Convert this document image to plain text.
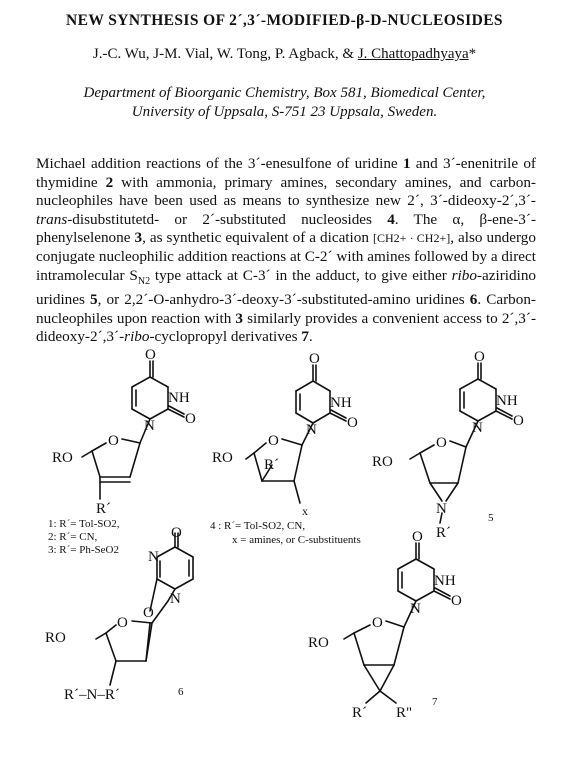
NEW SYNTHESIS OF 2´,3´-MODIFIED-β-D-NUCLEOSIDES
J.-C. Wu, J-M. Vial, W. Tong, P. Agback, & J. Chattopadhyaya*
Department of Bioorganic Chemistry, Box 581, Biomedical Center,
University of Uppsala, S-751 23 Uppsala, Sweden.
Michael addition reactions of the 3´-enesulfone of uridine 1 and 3´-enenitrile of thymidine 2 with ammonia, primary amines, secondary amines, and carbon-nucleophiles have been used as means to synthesize new 2´, 3´-dideoxy-2´,3´-trans-disubstitutetd- or 2´-substituted nucleosides 4. The α, β-ene-3´-phenylselenone 3, as synthetic equivalent of a dication [CH2+ · CH2+], also undergo conjugate nucleophilic addition reactions at C-2´ with amines followed by a direct intramolecular $S_{N2}$ type attack at C-3´ in the adduct, to give either ribo-aziridino uridines 5, or 2,2´-O-anhydro-3´-deoxy-3´-substituted-amino uridines 6. Carbon-nucleophiles upon reaction with 3 similarly provides a convenient access to 2´,3´-dideoxy-2´,3´-ribo-cyclopropyl derivatives 7.
O
NH
O
N
O
RO
R´
1: R´= Tol-SO2,
2: R´= CN,
3: R´= Ph-SeO2
O
NH
O
N
O
RO R´
x
4 : R´= Tol-SO2, CN,
x = amines, or C-substituents
O
NH
O
N
O
RO
N
R´
5
O
N
N
O
O
RO
R´–N–R´	6
O
NH
O
N
O
RO
R´ R"
7
